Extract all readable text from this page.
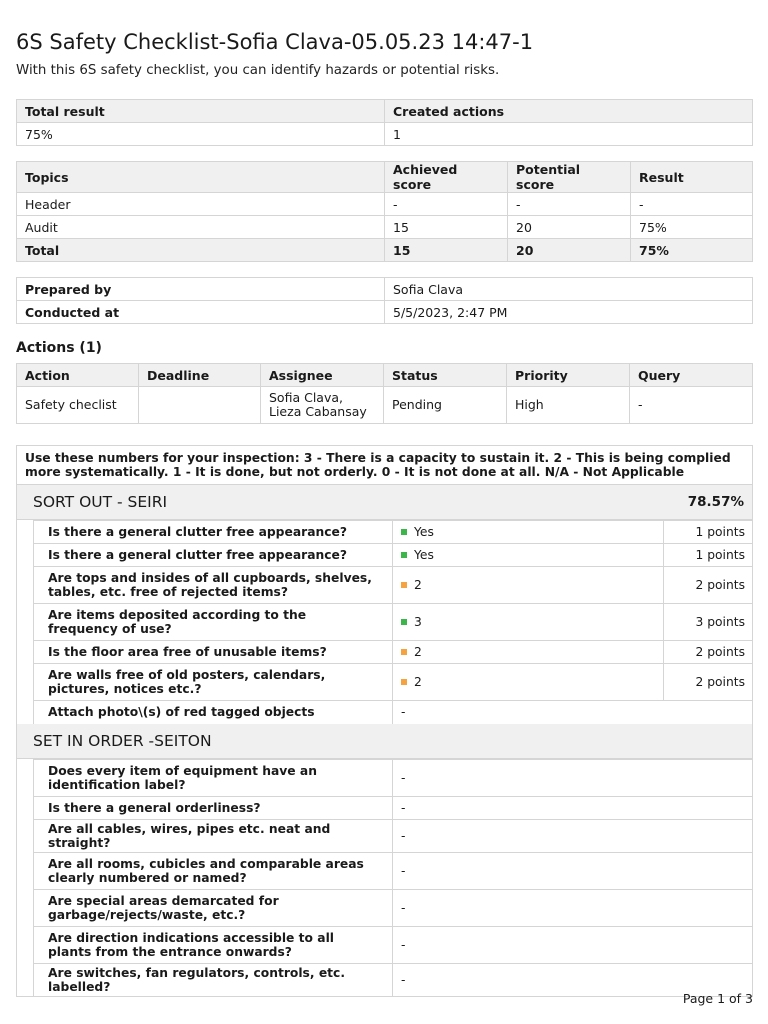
6S Safety Checklist-Sofia Clava-05.05.23 14:47-1
With this 6S safety checklist, you can identify hazards or potential risks.
Total result	Created actions
75%	1
Topics	Achieved score	Potential score	Result
Header	-	-	-
Audit	15	20	75%
Total	15	20	75%
Prepared by	Sofia Clava
Conducted at	5/5/2023, 2:47 PM
Actions (1)
Action	Deadline	Assignee	Status	Priority	Query
Safety checlist		Sofia Clava, Lieza Cabansay	Pending	High	-
Use these numbers for your inspection: 3 - There is a capacity to sustain it. 2 - This is being complied more systematically. 1 - It is done, but not orderly. 0 - It is not done at all. N/A - Not Applicable
SORT OUT - SEIRI	78.57%
Is there a general clutter free appearance?	Yes	1 points
Is there a general clutter free appearance?	Yes	1 points
Are tops and insides of all cupboards, shelves, tables, etc. free of rejected items?	2	2 points
Are items deposited according to the frequency of use?	3	3 points
Is the floor area free of unusable items?	2	2 points
Are walls free of old posters, calendars, pictures, notices etc.?	2	2 points
Attach photo\(s) of red tagged objects	-	
SET IN ORDER -SEITON
Does every item of equipment have an identification label?	-
Is there a general orderliness?	-
Are all cables, wires, pipes etc. neat and straight?	-
Are all rooms, cubicles and comparable areas clearly numbered or named?	-
Are special areas demarcated for garbage/rejects/waste, etc.?	-
Are direction indications accessible to all plants from the entrance onwards?	-
Are switches, fan regulators, controls, etc. labelled?	-
Page 1 of 3
